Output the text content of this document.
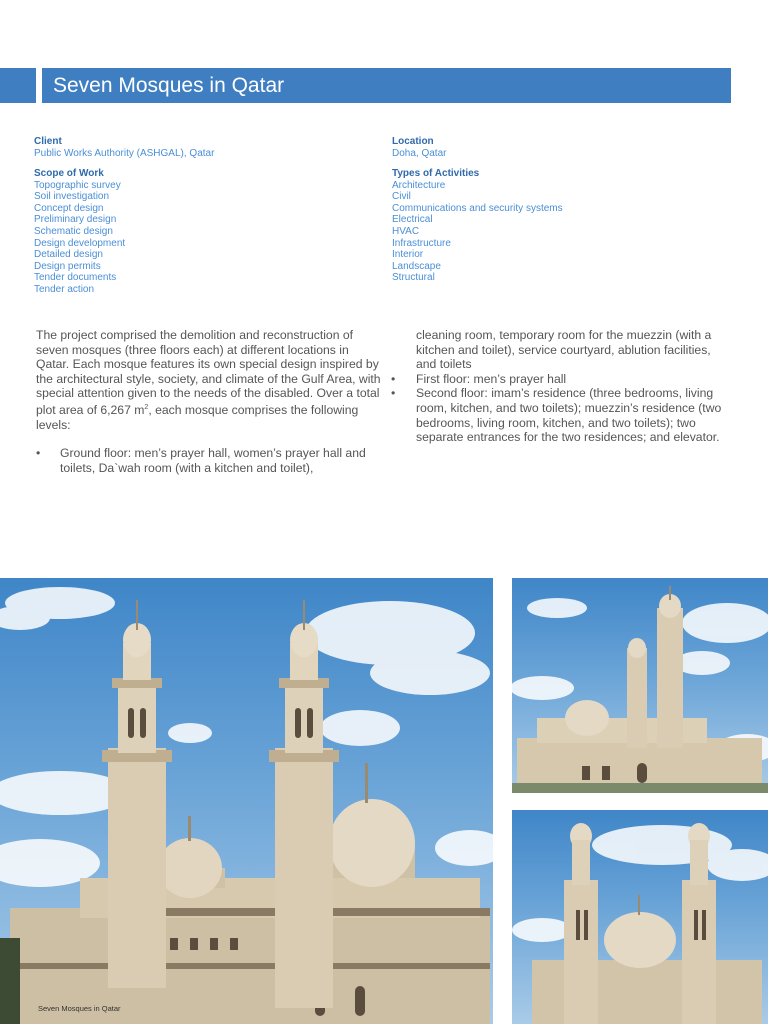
Seven Mosques in Qatar
Client
Public Works Authority (ASHGAL), Qatar
Scope of Work
Topographic survey
Soil investigation
Concept design
Preliminary design
Schematic design
Design development
Detailed design
Design permits
Tender documents
Tender action
Location
Doha, Qatar
Types of Activities
Architecture
Civil
Communications and security systems
Electrical
HVAC
Infrastructure
Interior
Landscape
Structural

The project comprised the demolition and reconstruction of seven mosques (three floors each) at different locations in Qatar. Each mosque features its own special design inspired by the architectural style, society, and climate of the Gulf Area, with special attention given to the needs of the disabled. Over a total plot area of 6,267 $m^2$, each mosque comprises the following levels:

• Ground floor: men’s prayer hall, women’s prayer hall and toilets, Da`wah room (with a kitchen and toilet),
cleaning room, temporary room for the muezzin (with a kitchen and toilet), service courtyard, ablution facilities, and toilets
• First floor: men’s prayer hall
• Second floor: imam’s residence (three bedrooms, living room, kitchen, and two toilets); muezzin’s residence (two bedrooms, living room, kitchen, and two toilets); two separate entrances for the two residences; and elevator.
Seven Mosques in Qatar
